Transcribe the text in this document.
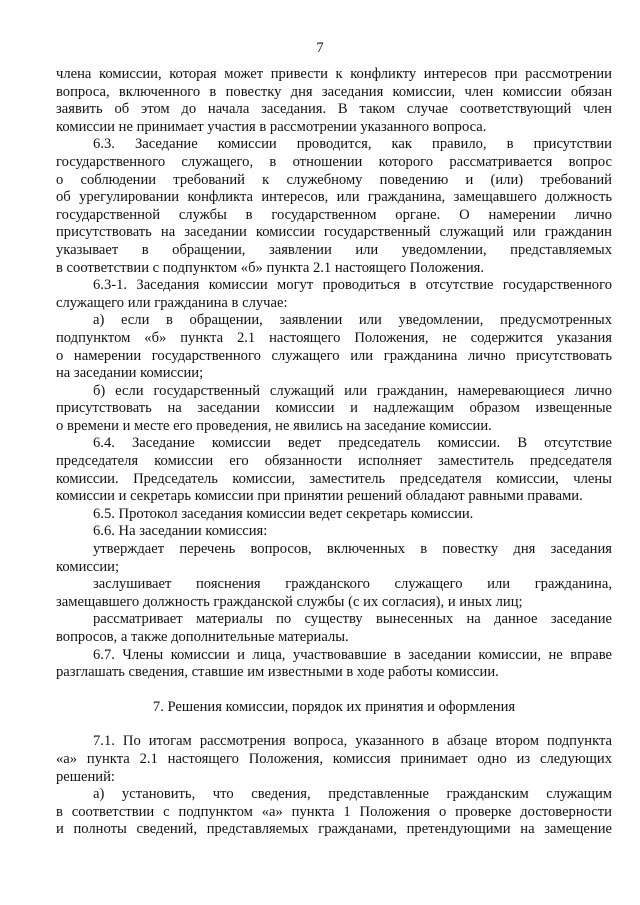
7

члена комиссии, которая может привести к конфликту интересов при рассмотрении

вопроса, включенного в повестку дня заседания комиссии, член комиссии обязан

заявить об этом до начала заседания. В таком случае соответствующий член

комиссии не принимает участия в рассмотрении указанного вопроса.

6.3. Заседание комиссии проводится, как правило, в присутствии

государственного служащего, в отношении которого рассматривается вопрос

о соблюдении требований к служебному поведению и (или) требований

об урегулировании конфликта интересов, или гражданина, замещавшего должность

государственной службы в государственном органе. О намерении лично

присутствовать на заседании комиссии государственный служащий или гражданин

указывает в обращении, заявлении или уведомлении, представляемых

в соответствии с подпунктом «б» пункта 2.1 настоящего Положения.

6.3-1. Заседания комиссии могут проводиться в отсутствие государственного

служащего или гражданина в случае:

а) если в обращении, заявлении или уведомлении, предусмотренных

подпунктом «б» пункта 2.1 настоящего Положения, не содержится указания

о намерении государственного служащего или гражданина лично присутствовать

на заседании комиссии;

б) если государственный служащий или гражданин, намеревающиеся лично

присутствовать на заседании комиссии и надлежащим образом извещенные

о времени и месте его проведения, не явились на заседание комиссии.

6.4. Заседание комиссии ведет председатель комиссии. В отсутствие

председателя комиссии его обязанности исполняет заместитель председателя

комиссии. Председатель комиссии, заместитель председателя комиссии, члены

комиссии и секретарь комиссии при принятии решений обладают равными правами.

6.5. Протокол заседания комиссии ведет секретарь комиссии.

6.6. На заседании комиссия:

утверждает перечень вопросов, включенных в повестку дня заседания

комиссии;

заслушивает пояснения гражданского служащего или гражданина,

замещавшего должность гражданской службы (с их согласия), и иных лиц;

рассматривает материалы по существу вынесенных на данное заседание

вопросов, а также дополнительные материалы.

6.7. Члены комиссии и лица, участвовавшие в заседании комиссии, не вправе

разглашать сведения, ставшие им известными в ходе работы комиссии.

7. Решения комиссии, порядок их принятия и оформления

7.1. По итогам рассмотрения вопроса, указанного в абзаце втором подпункта

«а» пункта 2.1 настоящего Положения, комиссия принимает одно из следующих

решений:

а) установить, что сведения, представленные гражданским служащим

в соответствии с подпунктом «а» пункта 1 Положения о проверке достоверности

и полноты сведений, представляемых гражданами, претендующими на замещение
